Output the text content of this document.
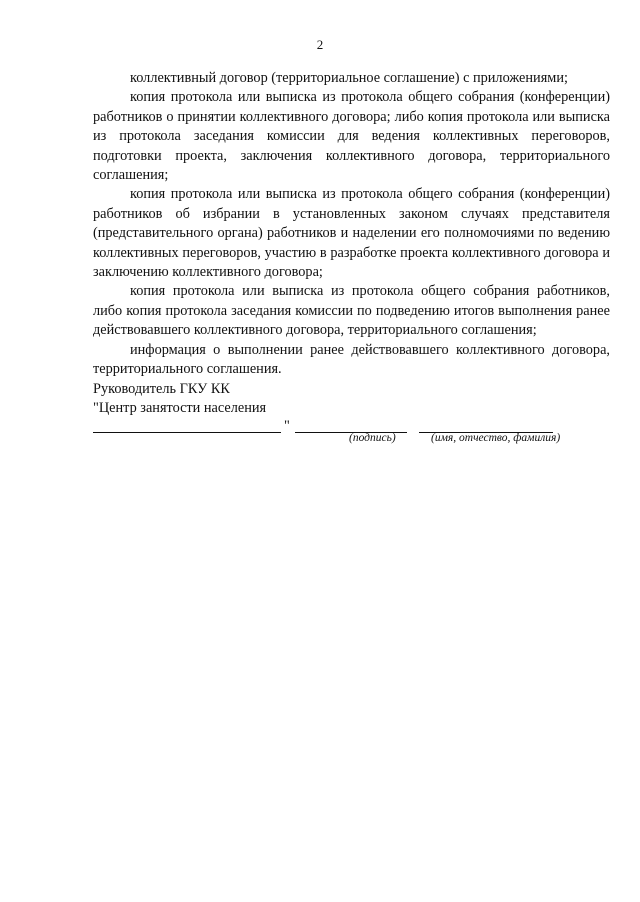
2

коллективный договор (территориальное соглашение) с приложениями;

копия протокола или выписка из протокола общего собрания (конференции) работников о принятии коллективного договора; либо копия протокола или выписка из протокола заседания комиссии для ведения коллективных переговоров, подготовки проекта, заключения коллективного договора, территориального соглашения;

копия протокола или выписка из протокола общего собрания (конференции) работников об избрании в установленных законом случаях представителя (представительного органа) работников и наделении его полномочиями по ведению коллективных переговоров, участию в разработке проекта коллективного договора и заключению коллективного договора;

копия протокола или выписка из протокола общего собрания работников, либо копия протокола заседания комиссии по подведению итогов выполнения ранее действовавшего коллективного договора, территориального соглашения;

информация о выполнении ранее действовавшего коллективного договора, территориального соглашения.

Руководитель ГКУ КК

"Центр занятости населения

"
(подпись)	(имя, отчество, фамилия)
